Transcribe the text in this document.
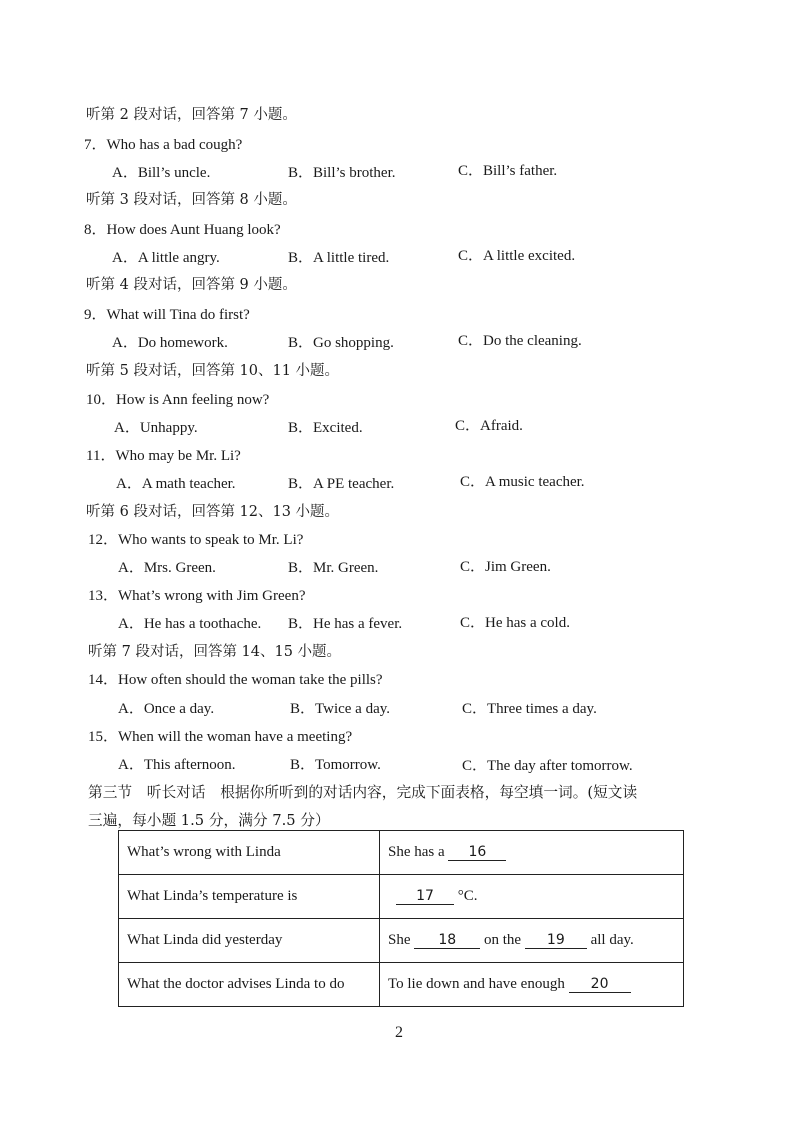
听第 2 段对话，回答第 7 小题。
7．Who has a bad cough?
A．Bill’s uncle.	B．Bill’s brother.	C．Bill’s father.
听第 3 段对话，回答第 8 小题。
8．How does Aunt Huang look?
A．A little angry.	B．A little tired.	C．A little excited.
听第 4 段对话，回答第 9 小题。
9．What will Tina do first?
A．Do homework.	B．Go shopping.	C．Do the cleaning.
听第 5 段对话，回答第 10、11 小题。
10．How is Ann feeling now?
A．Unhappy.	B．Excited.	C．Afraid.
11．Who may be Mr. Li?
A．A math teacher.	B．A PE teacher.	C．A music teacher.
听第 6 段对话，回答第 12、13 小题。
12．Who wants to speak to Mr. Li?
A．Mrs. Green.	B．Mr. Green.	C．Jim Green.
13．What’s wrong with Jim Green?
A．He has a toothache. B．He has a fever.	C．He has a cold.
听第 7 段对话，回答第 14、15 小题。
14．How often should the woman take the pills?
A．Once a day.	B．Twice a day.	C．Three times a day.
15．When will the woman have a meeting?
A．This afternoon.	B．Tomorrow.	C．The day after tomorrow.
第三节　听长对话　根据你所听到的对话内容，完成下面表格，每空填一词。(短文读
三遍，每小题 1.5 分，满分 7.5 分）
What’s wrong with Linda	She has a 16
What Linda’s temperature is	17 °C.
What Linda did yesterday	She 18 on the 19 all day.
What the doctor advises Linda to do	To lie down and have enough 20
2
